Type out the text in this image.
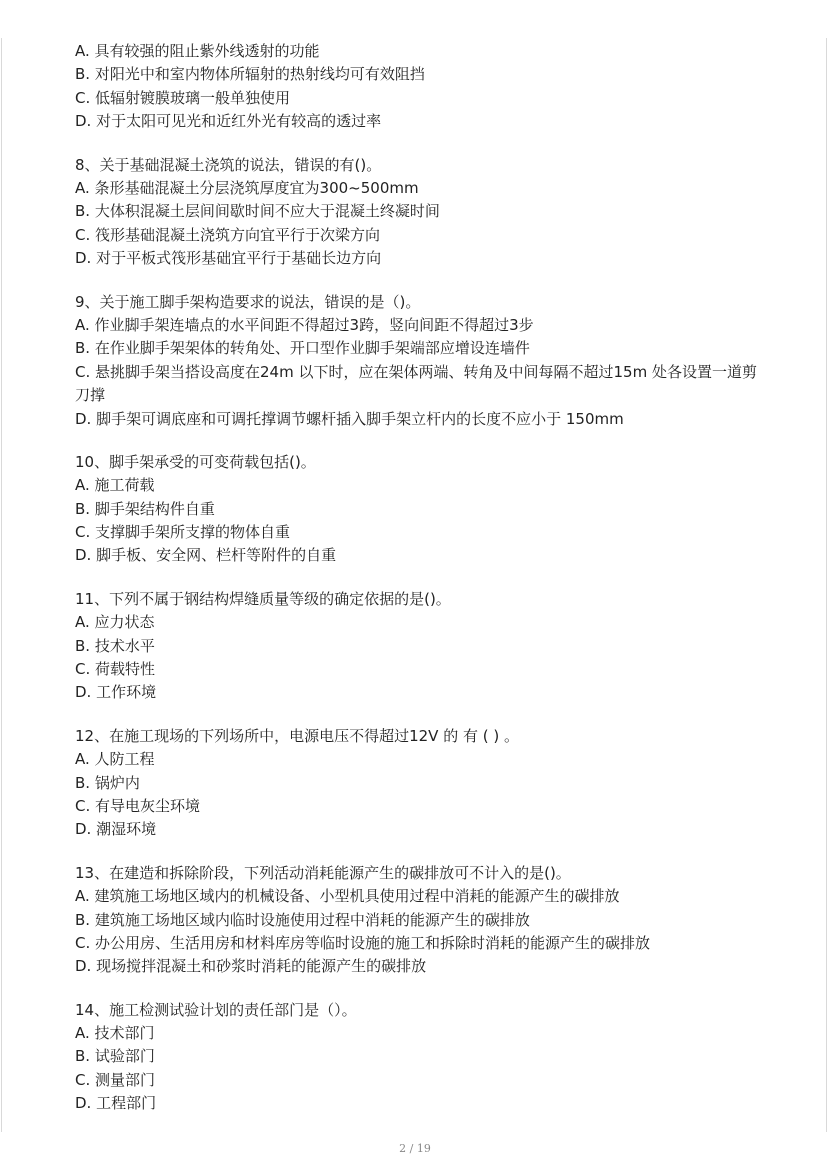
A. 具有较强的阻止紫外线透射的功能
B. 对阳光中和室内物体所辐射的热射线均可有效阻挡
C. 低辐射镀膜玻璃一般单独使用
D. 对于太阳可见光和近红外光有较高的透过率
8、关于基础混凝土浇筑的说法，错误的有()。
A. 条形基础混凝土分层浇筑厚度宜为300~500mm
B. 大体积混凝土层间间歇时间不应大于混凝土终凝时间
C. 筏形基础混凝土浇筑方向宜平行于次梁方向
D. 对于平板式筏形基础宜平行于基础长边方向
9、关于施工脚手架构造要求的说法，错误的是（)。
A. 作业脚手架连墙点的水平间距不得超过3跨，竖向间距不得超过3步
B. 在作业脚手架架体的转角处、开口型作业脚手架端部应增设连墙件
C. 悬挑脚手架当搭设高度在24m 以下时，应在架体两端、转角及中间每隔不超过15m 处各设置一道剪刀撑
D. 脚手架可调底座和可调托撑调节螺杆插入脚手架立杆内的长度不应小于 150mm
10、脚手架承受的可变荷载包括()。
A. 施工荷载
B. 脚手架结构件自重
C. 支撑脚手架所支撑的物体自重
D. 脚手板、安全网、栏杆等附件的自重
11、下列不属于钢结构焊缝质量等级的确定依据的是()。
A. 应力状态
B. 技术水平
C. 荷载特性
D. 工作环境
12、在施工现场的下列场所中，电源电压不得超过12V 的 有 ( ) 。
A. 人防工程
B. 锅炉内
C. 有导电灰尘环境
D. 潮湿环境
13、在建造和拆除阶段，下列活动消耗能源产生的碳排放可不计入的是()。
A. 建筑施工场地区域内的机械设备、小型机具使用过程中消耗的能源产生的碳排放
B. 建筑施工场地区域内临时设施使用过程中消耗的能源产生的碳排放
C. 办公用房、生活用房和材料库房等临时设施的施工和拆除时消耗的能源产生的碳排放
D. 现场搅拌混凝土和砂浆时消耗的能源产生的碳排放
14、施工检测试验计划的责任部门是（）。
A. 技术部门
B. 试验部门
C. 测量部门
D. 工程部门
2 / 19
